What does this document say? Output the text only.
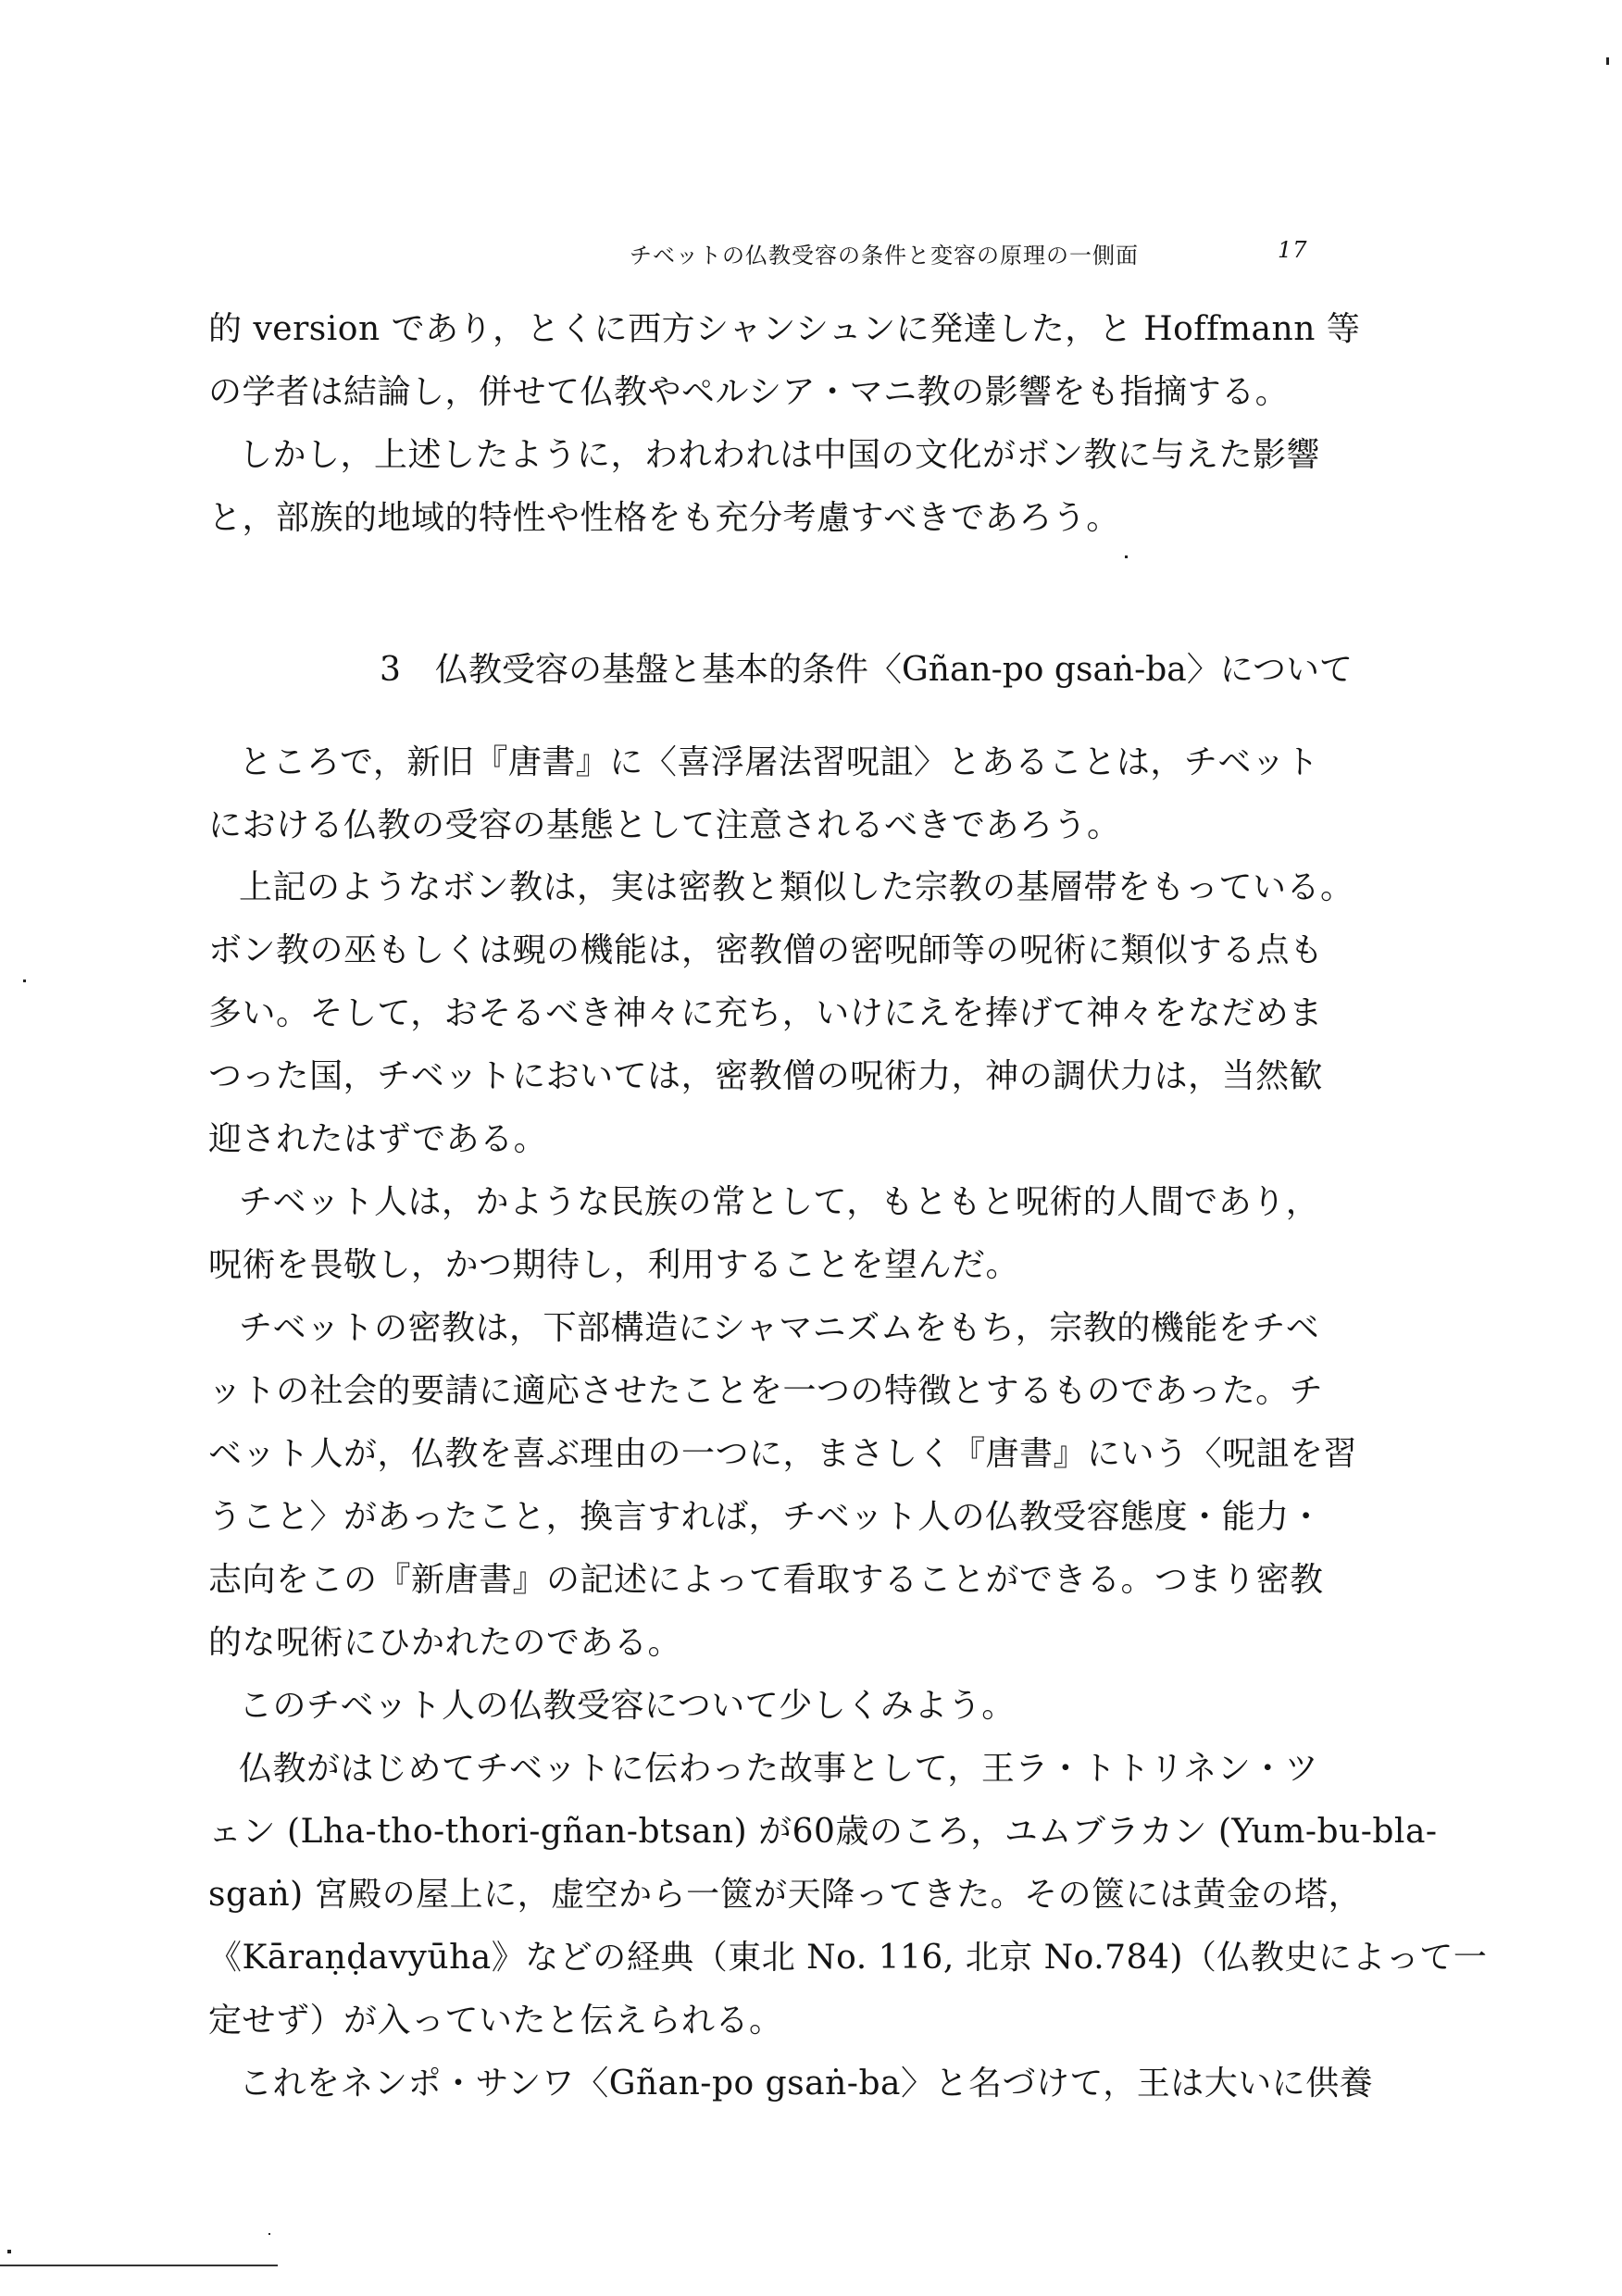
チベットの仏教受容の条件と変容の原理の一側面	17
的 version であり，とくに西方シャンシュンに発達した，と Hoffmann 等
の学者は結論し，併せて仏教やペルシア・マニ教の影響をも指摘する。
しかし，上述したように，われわれは中国の文化がボン教に与えた影響
と，部族的地域的特性や性格をも充分考慮すべきであろう。
3 仏教受容の基盤と基本的条件〈Gñan-po gsaṅ-ba〉について
ところで，新旧『唐書』に〈喜浮屠法習呪詛〉とあることは，チベット
における仏教の受容の基態として注意されるべきであろう。
上記のようなボン教は，実は密教と類似した宗教の基層帯をもっている。
ボン教の巫もしくは覡の機能は，密教僧の密呪師等の呪術に類似する点も
多い。そして，おそるべき神々に充ち，いけにえを捧げて神々をなだめま
つった国，チベットにおいては，密教僧の呪術力，神の調伏力は，当然歓
迎されたはずである。
チベット人は，かような民族の常として，もともと呪術的人間であり，
呪術を畏敬し，かつ期待し，利用することを望んだ。
チベットの密教は，下部構造にシャマニズムをもち，宗教的機能をチベ
ットの社会的要請に適応させたことを一つの特徴とするものであった。チ
ベット人が，仏教を喜ぶ理由の一つに，まさしく『唐書』にいう〈呪詛を習
うこと〉があったこと，換言すれば，チベット人の仏教受容態度・能力・
志向をこの『新唐書』の記述によって看取することができる。つまり密教
的な呪術にひかれたのである。
このチベット人の仏教受容について少しくみよう。
仏教がはじめてチベットに伝わった故事として，王ラ・トトリネン・ツ
ェン (Lha-tho-thori-gñan-btsan) が60歳のころ，ユムブラカン (Yum-bu-bla-
sgaṅ) 宮殿の屋上に，虚空から一篋が天降ってきた。その篋には黄金の塔，
《Kāraṇḍavyūha》などの経典（東北 No. 116, 北京 No.784)（仏教史によって一
定せず）が入っていたと伝えられる。
これをネンポ・サンワ〈Gñan-po gsaṅ-ba〉と名づけて，王は大いに供養
